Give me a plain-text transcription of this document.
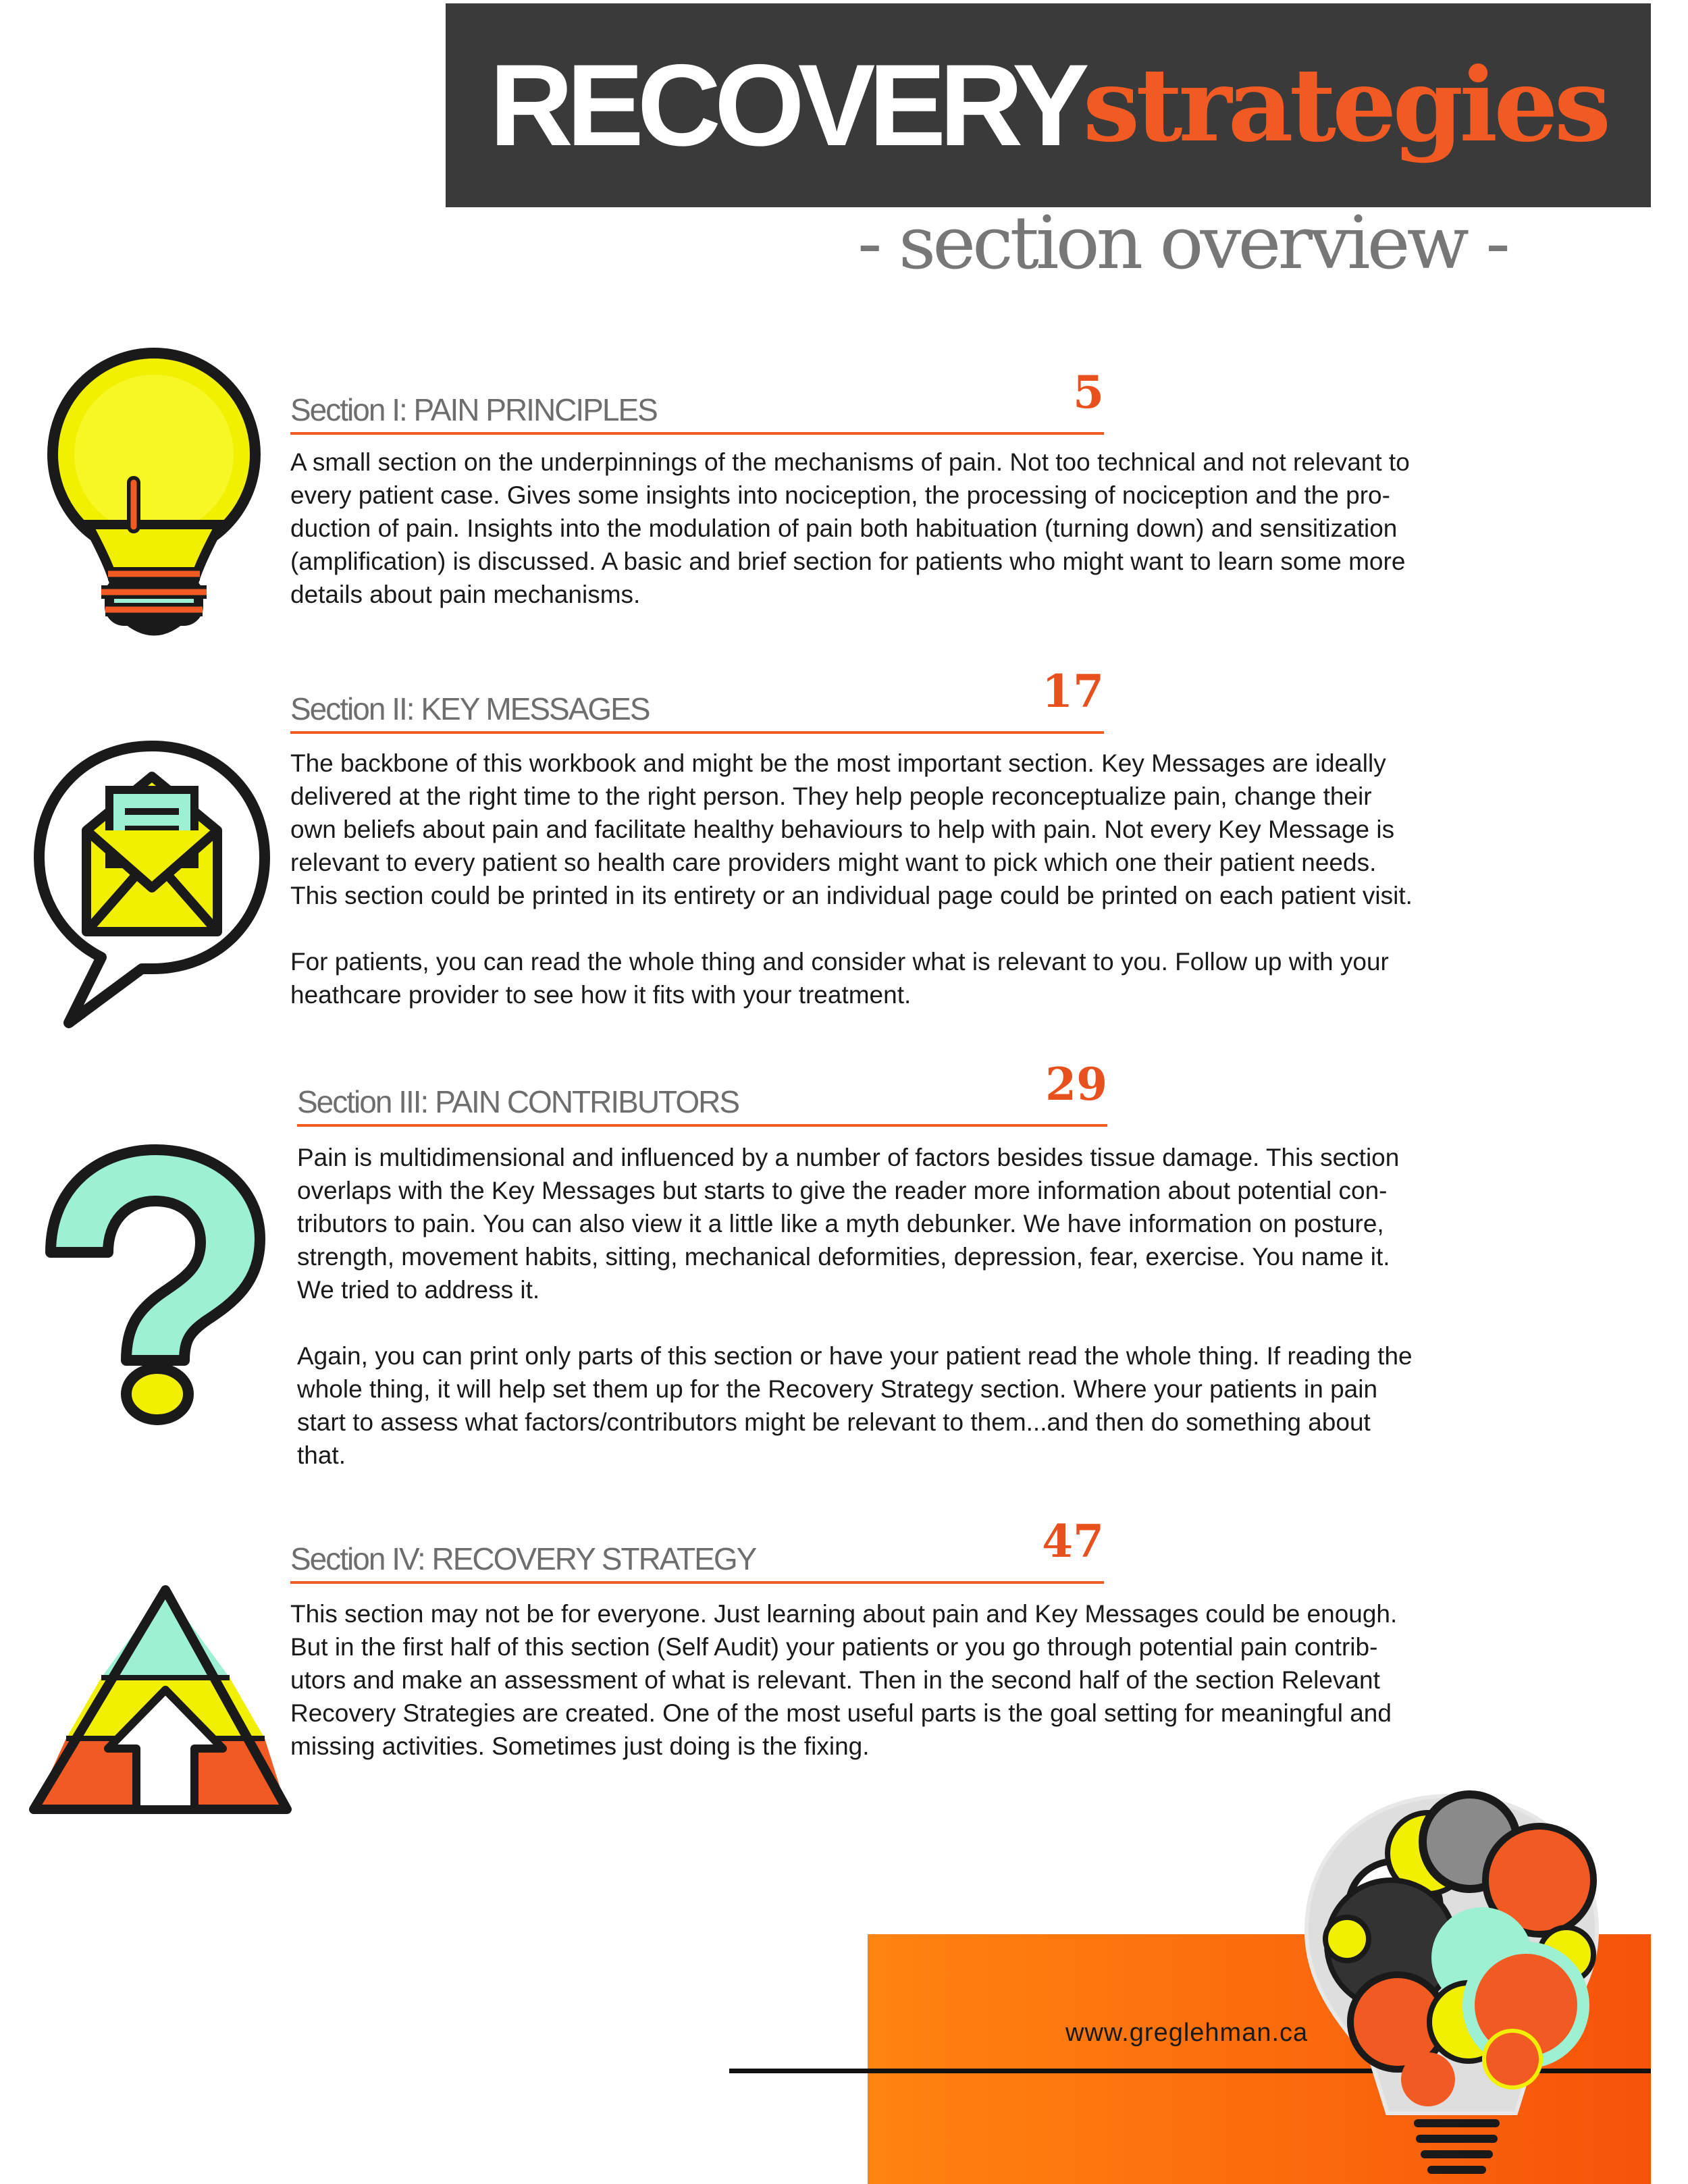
RECOVERY strategies
- section overview -
Section I: PAIN PRINCIPLES	5

A small section on the underpinnings of the mechanisms of pain. Not too technical and not relevant to
every patient case. Gives some insights into nociception, the processing of nociception and the pro-
duction of pain. Insights into the modulation of pain both habituation (turning down) and sensitization
(amplification) is discussed. A basic and brief section for patients who might want to learn some more
details about pain mechanisms.

Section II: KEY MESSAGES	17

The backbone of this workbook and might be the most important section. Key Messages are ideally
delivered at the right time to the right person. They help people reconceptualize pain, change their
own beliefs about pain and facilitate healthy behaviours to help with pain. Not every Key Message is
relevant to every patient so health care providers might want to pick which one their patient needs.
This section could be printed in its entirety or an individual page could be printed on each patient visit.

For patients, you can read the whole thing and consider what is relevant to you. Follow up with your
heathcare provider to see how it fits with your treatment.

Section III: PAIN CONTRIBUTORS	29

Pain is multidimensional and influenced by a number of factors besides tissue damage. This section
overlaps with the Key Messages but starts to give the reader more information about potential con-
tributors to pain. You can also view it a little like a myth debunker. We have information on posture,
strength, movement habits, sitting, mechanical deformities, depression, fear, exercise. You name it.
We tried to address it.

Again, you can print only parts of this section or have your patient read the whole thing. If reading the
whole thing, it will help set them up for the Recovery Strategy section. Where your patients in pain
start to assess what factors/contributors might be relevant to them...and then do something about
that.

Section IV: RECOVERY STRATEGY	47

This section may not be for everyone. Just learning about pain and Key Messages could be enough.
But in the first half of this section (Self Audit) your patients or you go through potential pain contrib-
utors and make an assessment of what is relevant. Then in the second half of the section Relevant
Recovery Strategies are created. One of the most useful parts is the goal setting for meaningful and
missing activities. Sometimes just doing is the fixing.

www.greglehman.ca
